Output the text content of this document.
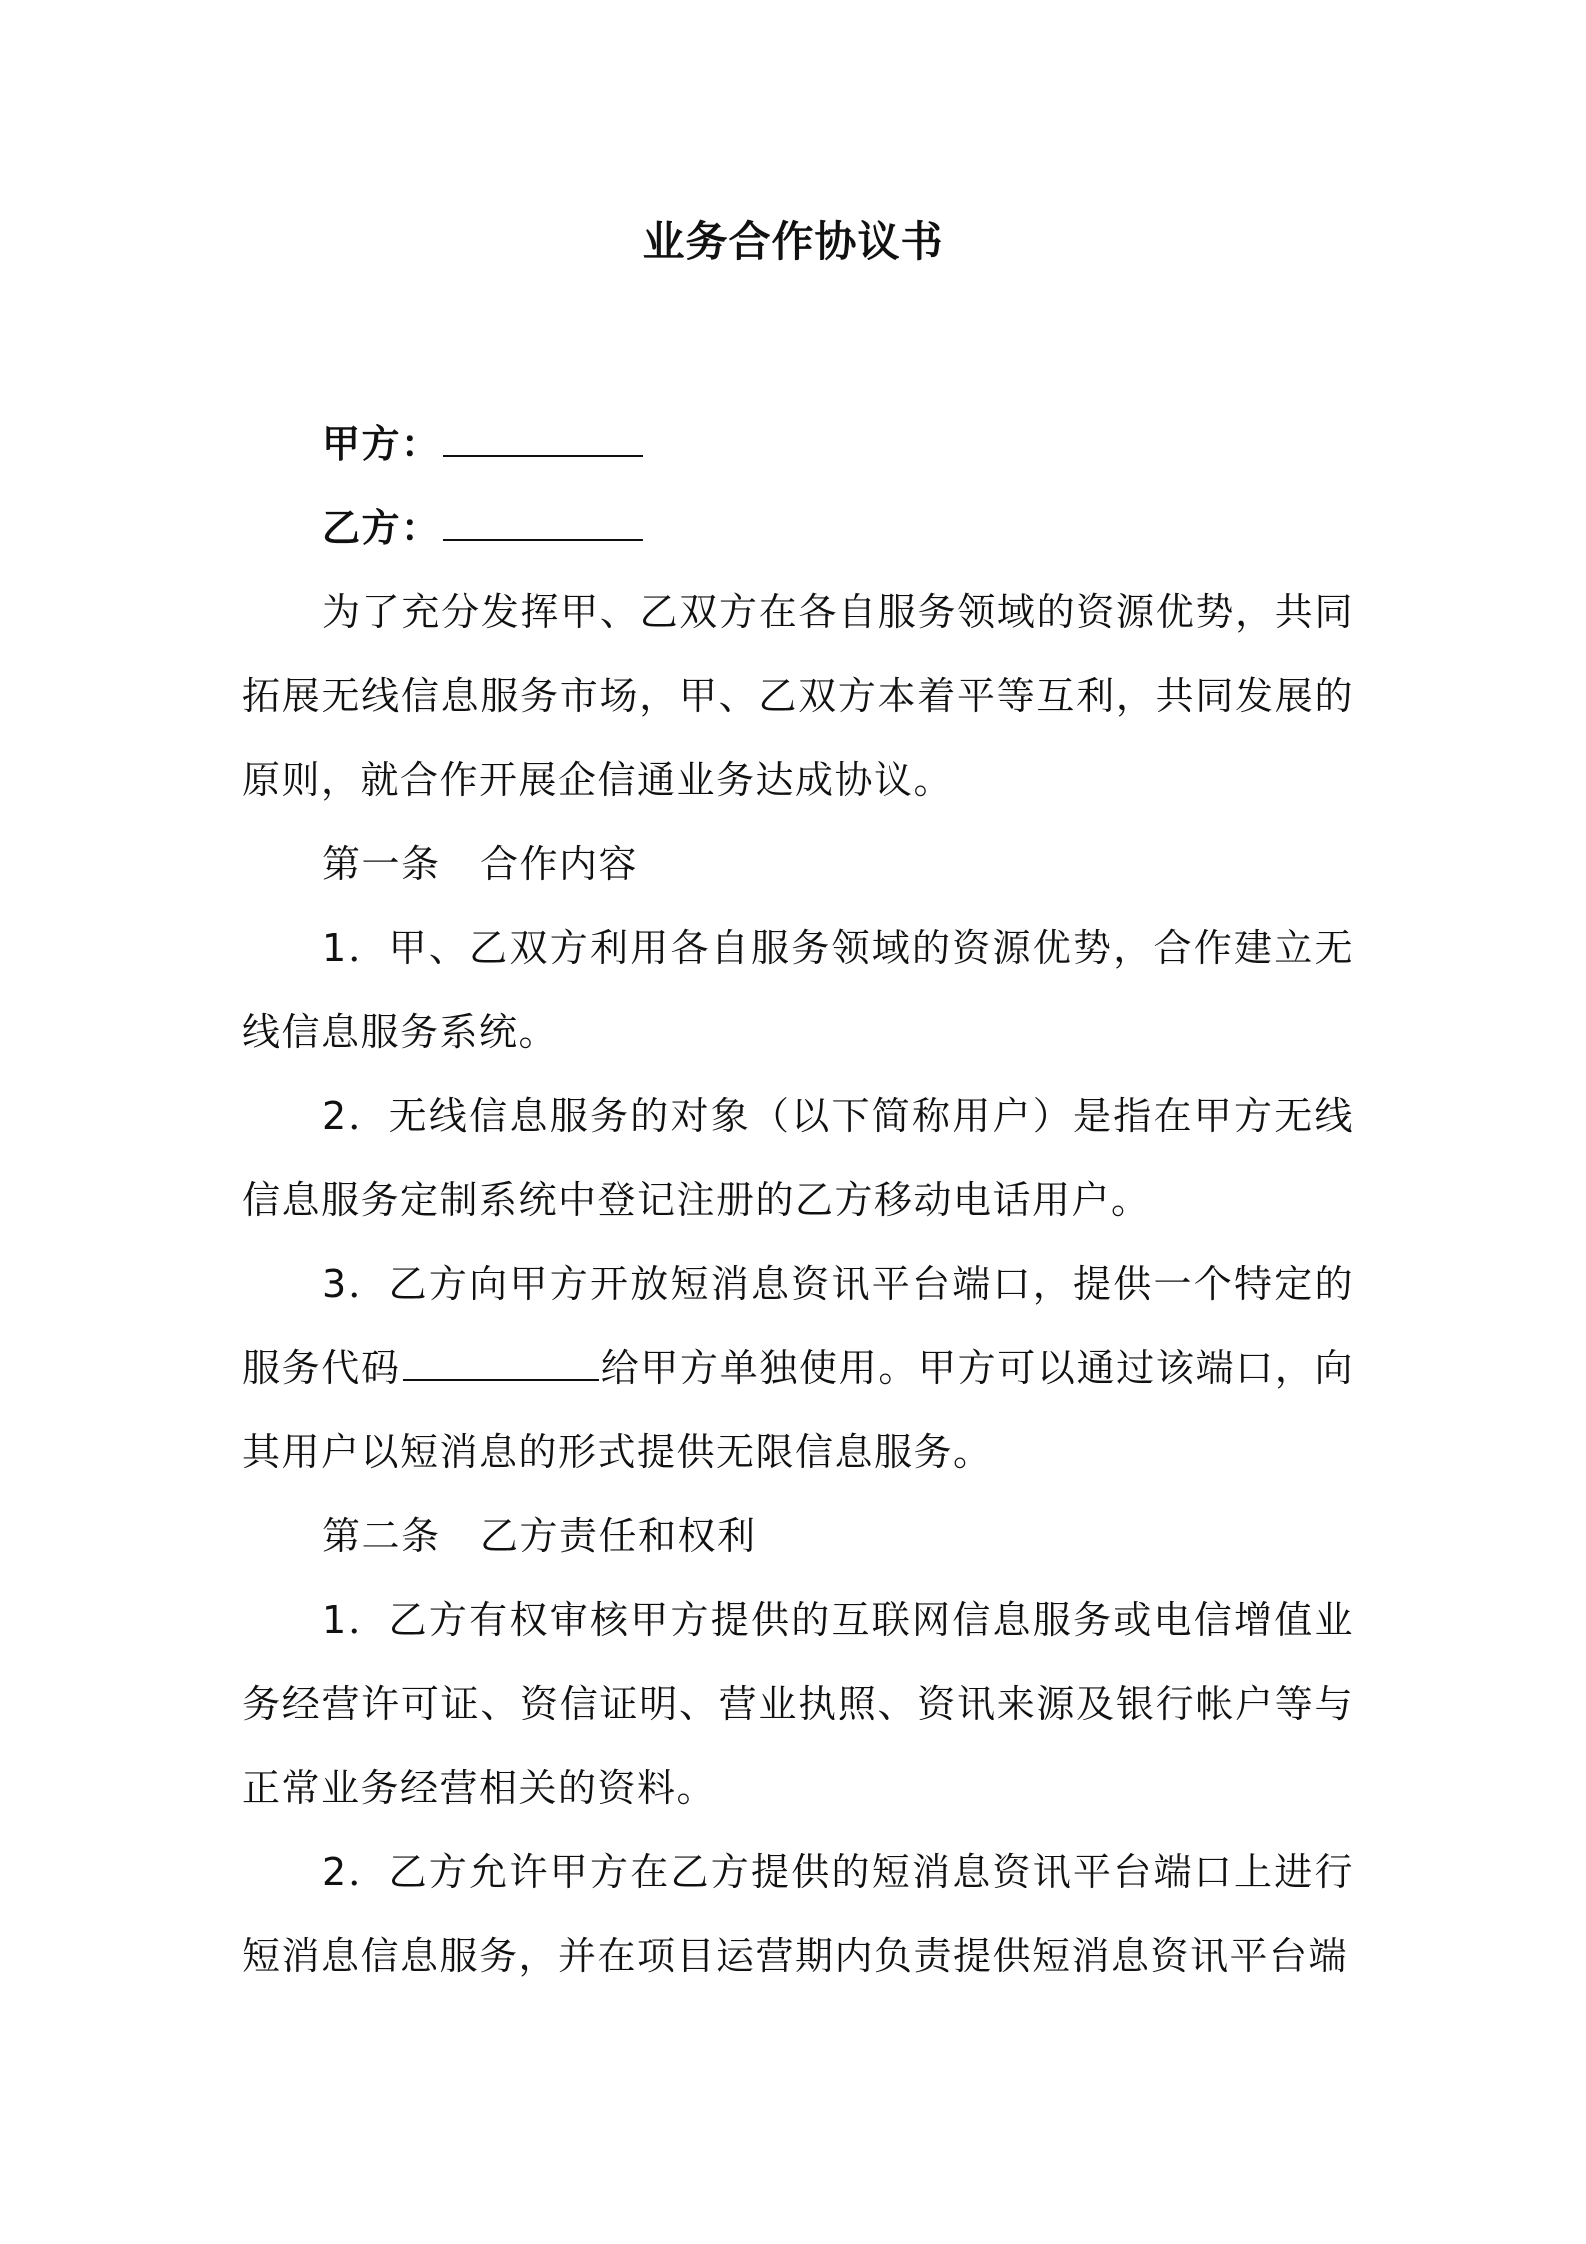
业务合作协议书

甲方：

乙方：

为了充分发挥甲、乙双方在各自服务领域的资源优势，共同拓展无线信息服务市场，甲、乙双方本着平等互利，共同发展的原则，就合作开展企信通业务达成协议。

第一条　合作内容

1．甲、乙双方利用各自服务领域的资源优势，合作建立无线信息服务系统。

2．无线信息服务的对象（以下简称用户）是指在甲方无线信息服务定制系统中登记注册的乙方移动电话用户。

3．乙方向甲方开放短消息资讯平台端口，提供一个特定的服务代码	给甲方单独使用。甲方可以通过该端口，向其用户以短消息的形式提供无限信息服务。

第二条　乙方责任和权利

1．乙方有权审核甲方提供的互联网信息服务或电信增值业务经营许可证、资信证明、营业执照、资讯来源及银行帐户等与正常业务经营相关的资料。

2．乙方允许甲方在乙方提供的短消息资讯平台端口上进行短消息信息服务，并在项目运营期内负责提供短消息资讯平台端
